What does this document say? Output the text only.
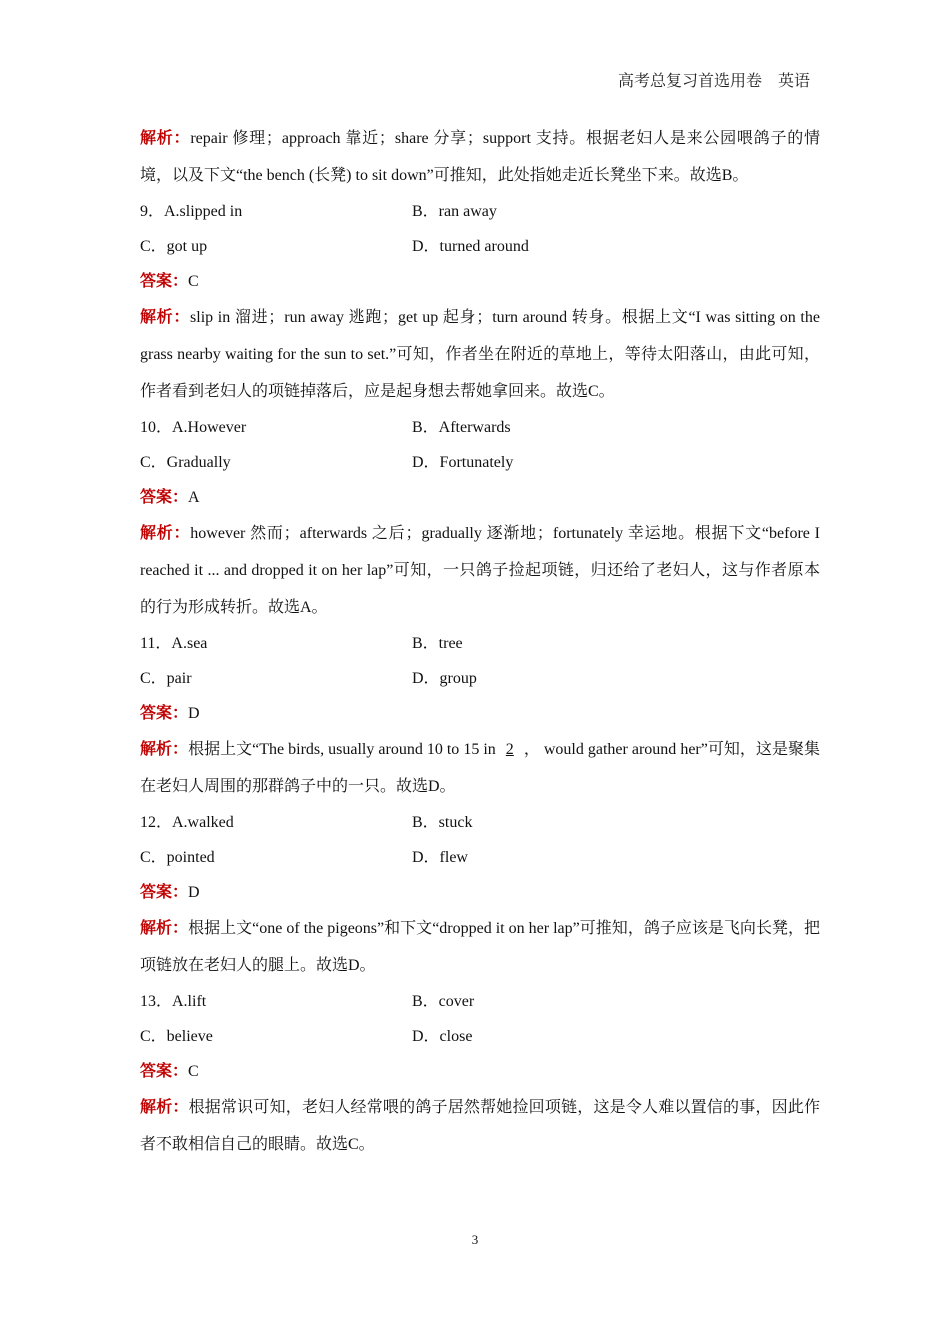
高考总复习首选用卷　英语
解析：repair 修理；approach 靠近；share 分享；support 支持。根据老妇人是来公园喂鸽子的情境，以及下文“the bench (长凳) to sit down”可推知，此处指她走近长凳坐下来。故选B。
9．A.slipped in	B．ran away
C．got up	D．turned around
答案：C
解析：slip in 溜进；run away 逃跑；get up 起身；turn around 转身。根据上文“I was sitting on the grass nearby waiting for the sun to set.”可知，作者坐在附近的草地上，等待太阳落山，由此可知，作者看到老妇人的项链掉落后，应是起身想去帮她拿回来。故选C。
10．A.However	B．Afterwards
C．Gradually	D．Fortunately
答案：A
解析：however 然而；afterwards 之后；gradually 逐渐地；fortunately 幸运地。根据下文“before I reached it ... and dropped it on her lap”可知，一只鸽子捡起项链，归还给了老妇人，这与作者原本的行为形成转折。故选A。
11．A.sea	B．tree
C．pair	D．group
答案：D
解析：根据上文“The birds, usually around 10 to 15 in 2 ， would gather around her”可知，这是聚集在老妇人周围的那群鸽子中的一只。故选D。
12．A.walked	B．stuck
C．pointed	D．flew
答案：D
解析：根据上文“one of the pigeons”和下文“dropped it on her lap”可推知，鸽子应该是飞向长凳，把项链放在老妇人的腿上。故选D。
13．A.lift	B．cover
C．believe	D．close
答案：C
解析：根据常识可知，老妇人经常喂的鸽子居然帮她捡回项链，这是令人难以置信的事，因此作者不敢相信自己的眼睛。故选C。
3
